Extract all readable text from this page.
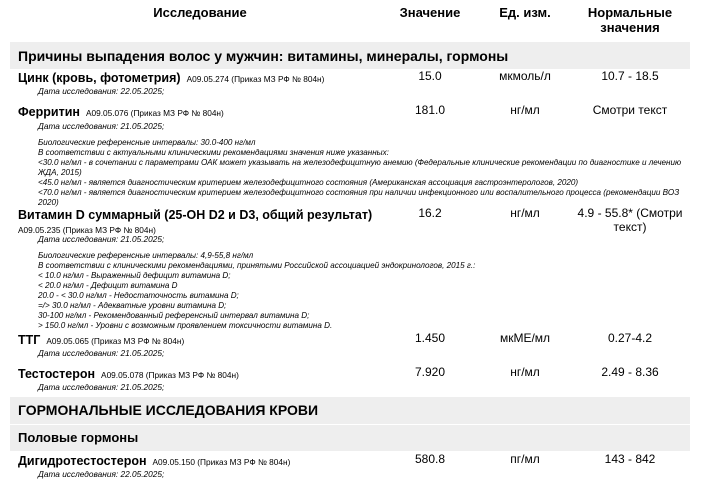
Исследование	Значение	Ед. изм.	Нормальные значения
Причины выпадения волос у мужчин: витамины, минералы, гормоны
Цинк (кровь, фотометрия) A09.05.274 (Приказ МЗ РФ № 804н)	15.0	мкмоль/л	10.7 - 18.5
Дата исследования: 22.05.2025;
Ферритин A09.05.076 (Приказ МЗ РФ № 804н)	181.0	нг/мл	Смотри текст
Дата исследования: 21.05.2025;
Биологические референсные интервалы: 30.0-400 нг/мл
В соответствии с актуальными клиническими рекомендациями значения ниже указанных:
<30.0 нг/мл - в сочетании с параметрами ОАК может указывать на железодефицитную анемию (Федеральные клинические рекомендации по диагностике и лечению ЖДА, 2015)
<45.0 нг/мл - является диагностическим критерием железодефицитного состояния (Американская ассоциация гастроэнтерологов, 2020)
<70.0 нг/мл - является диагностическим критерием железодефицитного состояния при наличии инфекционного или воспалительного процесса (рекомендации ВОЗ 2020)
Витамин D суммарный (25-OH D2 и D3, общий результат)
A09.05.235 (Приказ МЗ РФ № 804н)
16.2	нг/мл	4.9 - 55.8* (Смотри текст)
Дата исследования: 21.05.2025;
Биологические референсные интервалы: 4,9-55,8 нг/мл
В соответствии с клиническими рекомендациями, принятыми Российской ассоциацией эндокринологов, 2015 г.:
< 10.0 нг/мл - Выраженный дефицит витамина D;
< 20.0 нг/мл - Дефицит витамина D
20.0 - < 30.0 нг/мл - Недостаточность витамина D;
=/> 30.0 нг/мл - Адекватные уровни витамина D;
30-100 нг/мл - Рекомендованный референсный интервал витамина D;
> 150.0 нг/мл - Уровни с возможным проявлением токсичности витамина D.
ТТГ A09.05.065 (Приказ МЗ РФ № 804н)	1.450	мкМЕ/мл	0.27-4.2
Дата исследования: 21.05.2025;
Тестостерон A09.05.078 (Приказ МЗ РФ № 804н)	7.920	нг/мл	2.49 - 8.36
Дата исследования: 21.05.2025;
ГОРМОНАЛЬНЫЕ ИССЛЕДОВАНИЯ КРОВИ
Половые гормоны
Дигидротестостерон A09.05.150 (Приказ МЗ РФ № 804н)	580.8	пг/мл	143 - 842
Дата исследования: 22.05.2025;
